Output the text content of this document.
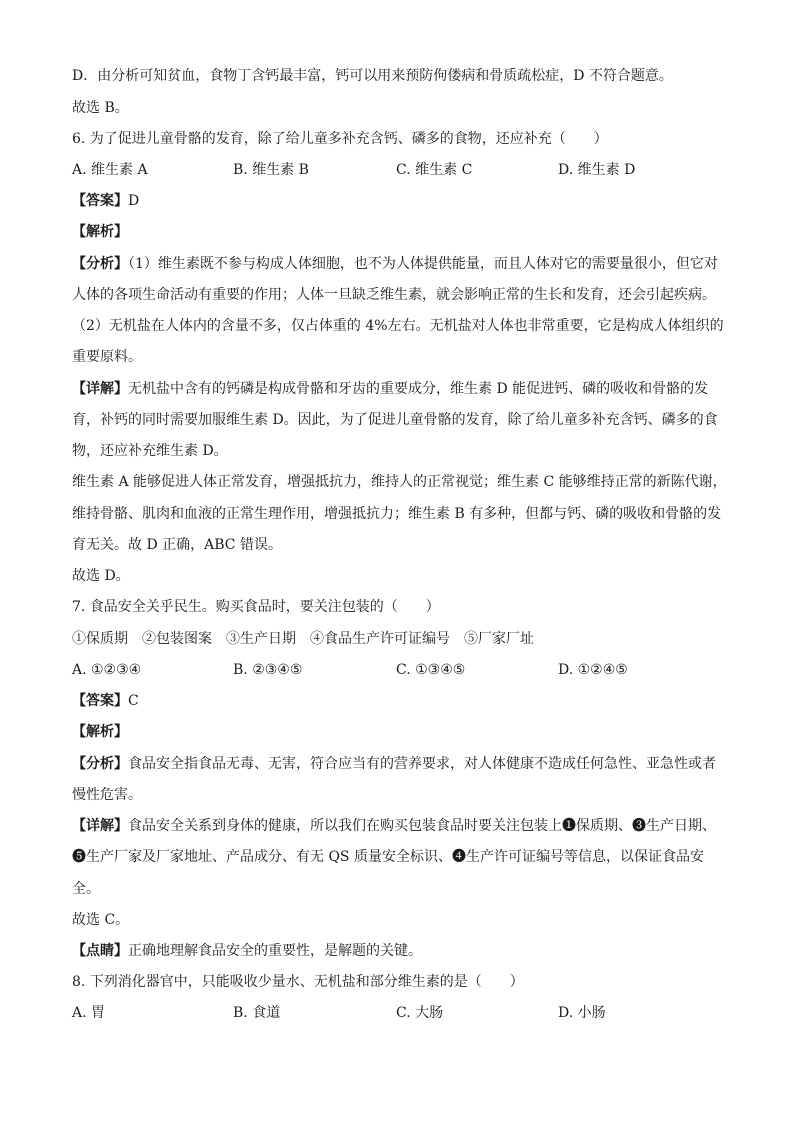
D．由分析可知贫血，食物丁含钙最丰富，钙可以用来预防佝偻病和骨质疏松症，D 不符合题意。
故选 B。
6. 为了促进儿童骨骼的发育，除了给儿童多补充含钙、磷多的食物，还应补充（　　）
A. 维生素 A	B. 维生素 B	C. 维生素 C	D. 维生素 D
【答案】D
【解析】
【分析】（1）维生素既不参与构成人体细胞，也不为人体提供能量，而且人体对它的需要量很小，但它对
人体的各项生命活动有重要的作用；人体一旦缺乏维生素，就会影响正常的生长和发育，还会引起疾病。
（2）无机盐在人体内的含量不多，仅占体重的 4%左右。无机盐对人体也非常重要，它是构成人体组织的
重要原料。
【详解】无机盐中含有的钙磷是构成骨骼和牙齿的重要成分，维生素 D 能促进钙、磷的吸收和骨骼的发
育，补钙的同时需要加服维生素 D。因此，为了促进儿童骨骼的发育，除了给儿童多补充含钙、磷多的食
物，还应补充维生素 D。
维生素 A 能够促进人体正常发育，增强抵抗力，维持人的正常视觉；维生素 C 能够维持正常的新陈代谢，
维持骨骼、肌肉和血液的正常生理作用，增强抵抗力；维生素 B 有多种，但都与钙、磷的吸收和骨骼的发
育无关。故 D 正确，ABC 错误。
故选 D。
7. 食品安全关乎民生。购买食品时，要关注包装的（　　）
①保质期　②包装图案　③生产日期　④食品生产许可证编号　⑤厂家厂址
A. ①②③④	B. ②③④⑤	C. ①③④⑤	D. ①②④⑤
【答案】C
【解析】
【分析】食品安全指食品无毒、无害，符合应当有的营养要求，对人体健康不造成任何急性、亚急性或者
慢性危害。
【详解】食品安全关系到身体的健康，所以我们在购买包装食品时要关注包装上❶保质期、❸生产日期、
❺生产厂家及厂家地址、产品成分、有无 QS 质量安全标识、❹生产许可证编号等信息，以保证食品安
全。
故选 C。
【点睛】正确地理解食品安全的重要性，是解题的关键。
8. 下列消化器官中，只能吸收少量水、无机盐和部分维生素的是（　　）
A. 胃	B. 食道	C. 大肠	D. 小肠
